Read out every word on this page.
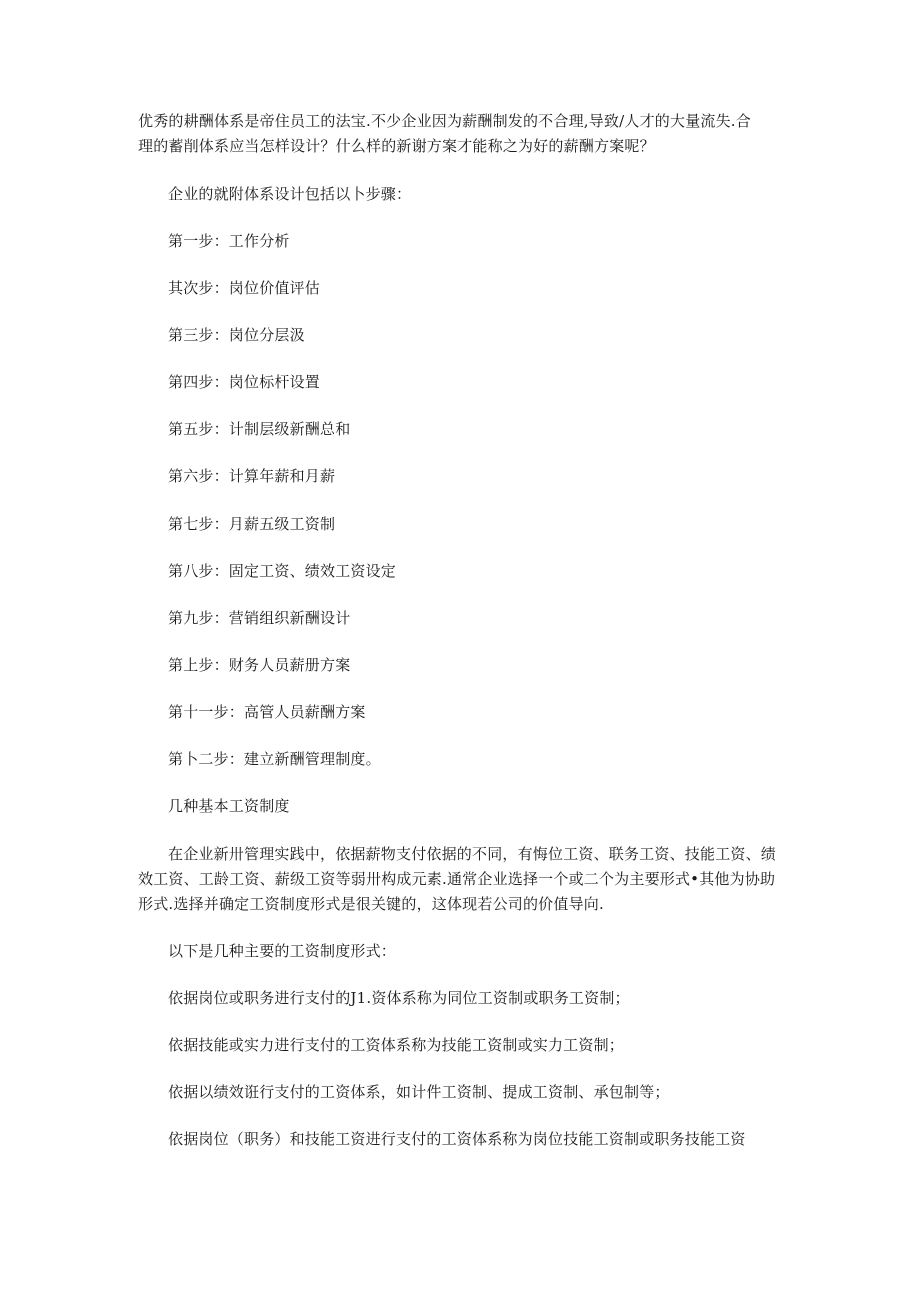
优秀的耕酬体系是帝住员工的法宝.不少企业因为薪酬制发的不合理,导致/人才的大量流失.合
理的蓄削体系应当怎样设计？什么样的新谢方案才能称之为好的薪酬方案呢？
企业的就附体系设计包括以卜步骤：
第一步：工作分析
其次步：岗位价值评估
第三步：岗位分层汲
第四步：岗位标杆设置
第五步：计制层级新酬总和
第六步：计算年薪和月薪
第七步：月薪五级工资制
第八步：固定工资、绩效工资设定
第九步：营销组织新酬设计
第上步：财务人员薪册方案
第十一步：高管人员薪酬方案
第卜二步：建立新酬管理制度。
几种基本工资制度
在企业新卅管理实践中，依据薪物支付依据的不同，有悔位工资、联务工资、技能工资、绩
效工资、工龄工资、薪级工资等弱卅构成元素.通常企业选择一个或二个为主要形式•其他为协助
形式.选择并确定工资制度形式是很关键的，这体现若公司的价值导向.
以下是几种主要的工资制度形式：
依据岗位或职务进行支付的J1.资体系称为同位工资制或职务工资制；
依据技能或实力进行支付的工资体系称为技能工资制或实力工资制；
依据以绩效诳行支付的工资体系，如计件工资制、提成工资制、承包制等；
依据岗位（职务）和技能工资进行支付的工资体系称为岗位技能工资制或职务技能工资
